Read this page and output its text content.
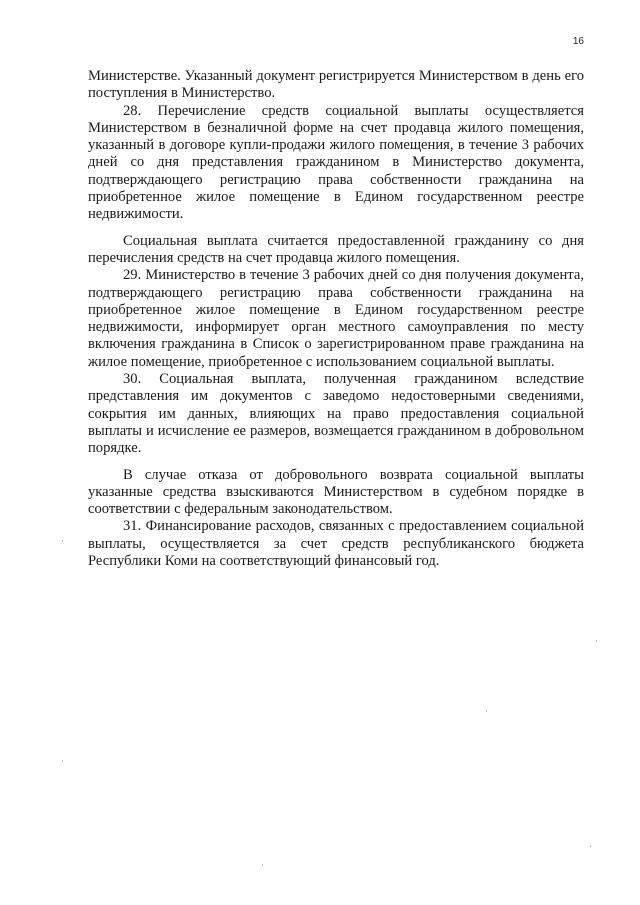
16

Министерстве. Указанный документ регистрируется Министерством в день его поступления в Министерство.

28. Перечисление средств социальной выплаты осуществляется Министерством в безналичной форме на счет продавца жилого помещения, указанный в договоре купли-продажи жилого помещения, в течение 3 рабочих дней со дня представления гражданином в Министерство документа, подтверждающего регистрацию права собственности гражданина на приобретенное жилое помещение в Едином государственном реестре недвижимости.

Социальная выплата считается предоставленной гражданину со дня перечисления средств на счет продавца жилого помещения.

29. Министерство в течение 3 рабочих дней со дня получения документа, подтверждающего регистрацию права собственности гражданина на приобретенное жилое помещение в Едином государственном реестре недвижимости, информирует орган местного самоуправления по месту включения гражданина в Список о зарегистрированном праве гражданина на жилое помещение, приобретенное с использованием социальной выплаты.

30. Социальная выплата, полученная гражданином вследствие представления им документов с заведомо недостоверными сведениями, сокрытия им данных, влияющих на право предоставления социальной выплаты и исчисление ее размеров, возмещается гражданином в добровольном порядке.

В случае отказа от добровольного возврата социальной выплаты указанные средства взыскиваются Министерством в судебном порядке в соответствии с федеральным законодательством.

31. Финансирование расходов, связанных с предоставлением социальной выплаты, осуществляется за счет средств республиканского бюджета Республики Коми на соответствующий финансовый год.
